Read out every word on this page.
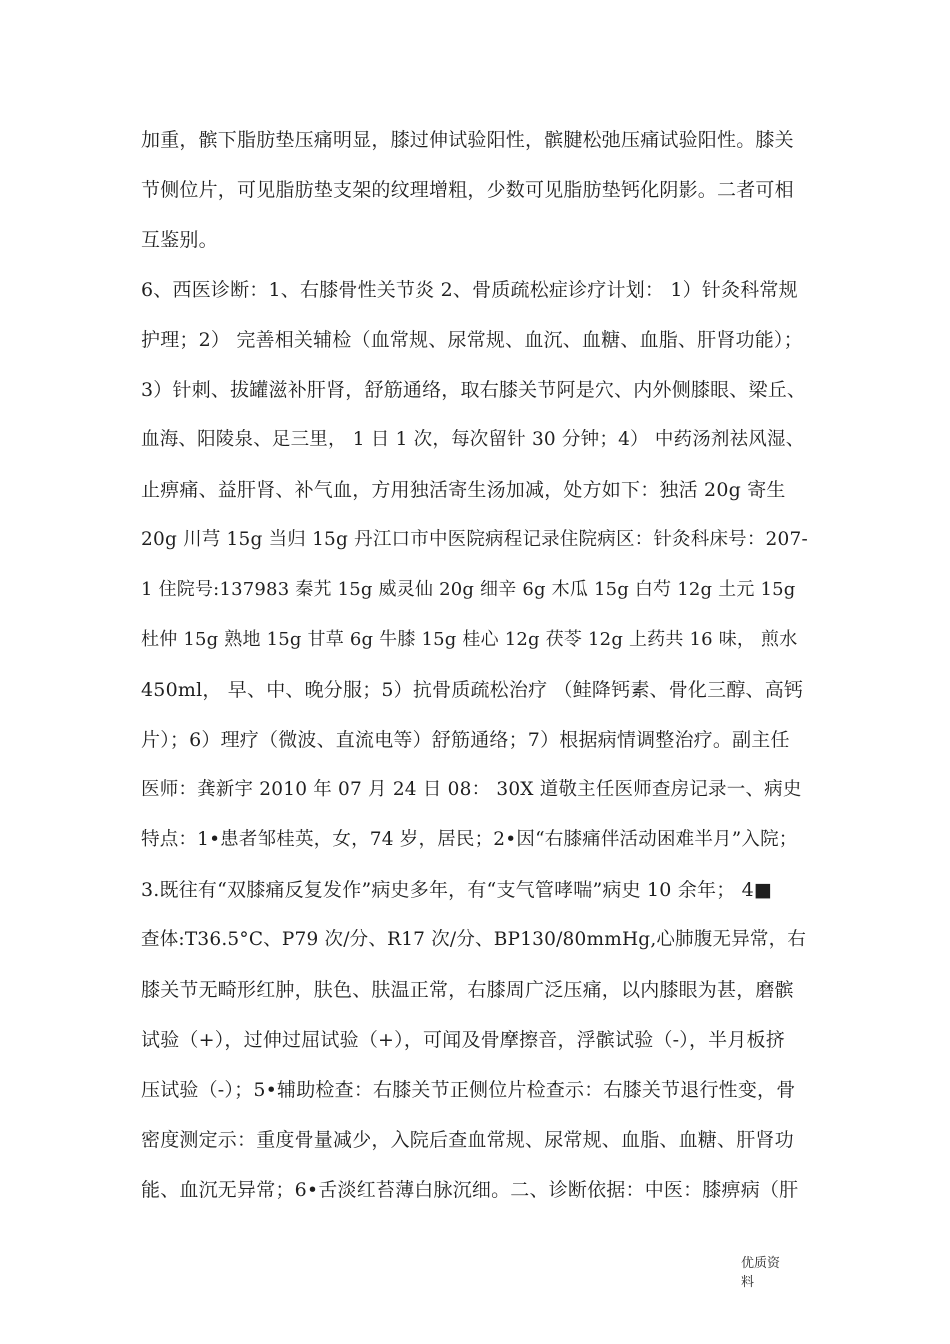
加重，髌下脂肪垫压痛明显，膝过伸试验阳性，髌腱松弛压痛试验阳性。膝关
节侧位片，可见脂肪垫支架的纹理增粗，少数可见脂肪垫钙化阴影。二者可相
互鉴别。
6、西医诊断：1、右膝骨性关节炎 2、骨质疏松症诊疗计划： 1）针灸科常规
护理；2） 完善相关辅检（血常规、尿常规、血沉、血糖、血脂、肝肾功能）；
3）针刺、拔罐滋补肝肾，舒筋通络，取右膝关节阿是穴、内外侧膝眼、梁丘、
血海、阳陵泉、足三里， 1 日 1 次，每次留针 30 分钟；4） 中药汤剂祛风湿、
止痹痛、益肝肾、补气血，方用独活寄生汤加减，处方如下：独活 20g 寄生
20g 川芎 15g 当归 15g 丹江口市中医院病程记录住院病区：针灸科床号：207-
1 住院号:137983 秦艽 15g 威灵仙 20g 细辛 6g 木瓜 15g 白芍 12g 土元 15g
杜仲 15g 熟地 15g 甘草 6g 牛膝 15g 桂心 12g 茯苓 12g 上药共 16 味， 煎水
450ml， 早、中、晚分服；5）抗骨质疏松治疗 （鲑降钙素、骨化三醇、高钙
片）；6）理疗（微波、直流电等）舒筋通络；7）根据病情调整治疗。副主任
医师：龚新宇 2010 年 07 月 24 日 08： 30X 道敬主任医师查房记录一、病史
特点：1•患者邹桂英，女，74 岁，居民；2•因“右膝痛伴活动困难半月”入院；
3.既往有“双膝痛反复发作”病史多年，有“支气管哮喘”病史 10 余年； 4■
查体:T36.5°C、P79 次/分、R17 次/分、BP130/80mmHg,心肺腹无异常，右
膝关节无畸形红肿，肤色、肤温正常，右膝周广泛压痛，以内膝眼为甚，磨髌
试验（+），过伸过屈试验（+），可闻及骨摩擦音，浮髌试验（-），半月板挤
压试验（-）；5•辅助检查：右膝关节正侧位片检查示：右膝关节退行性变，骨
密度测定示：重度骨量减少，入院后查血常规、尿常规、血脂、血糖、肝肾功
能、血沉无异常；6•舌淡红苔薄白脉沉细。二、诊断依据：中医：膝痹病（肝
优质资
料
